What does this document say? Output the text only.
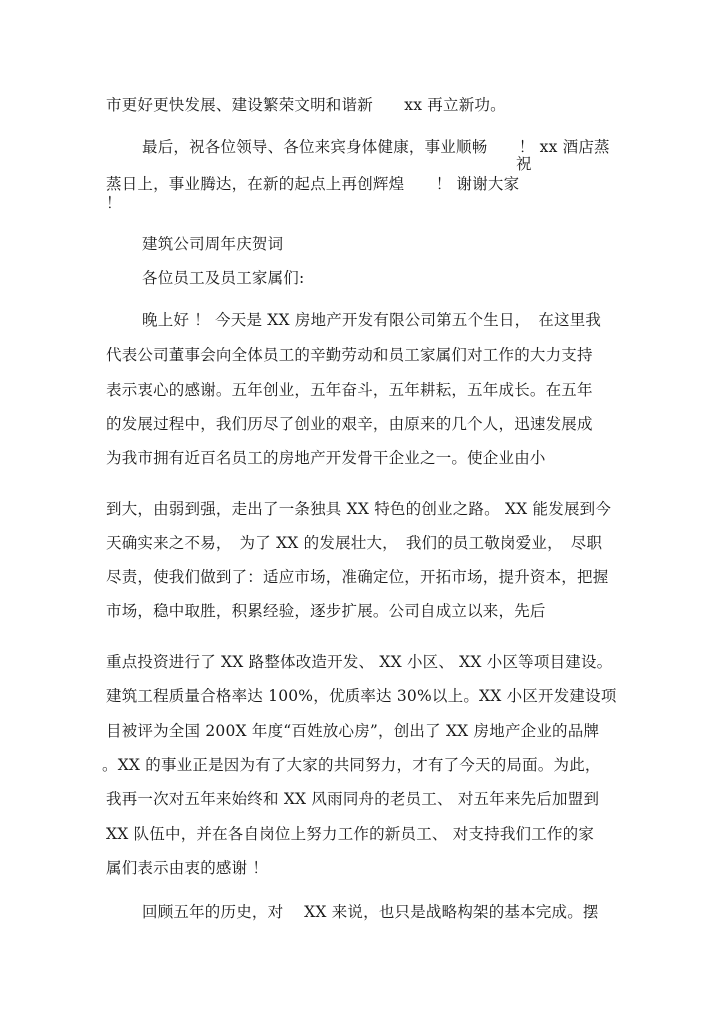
市更好更快发展、建设繁荣文明和谐新　　xx 再立新功。
最后，祝各位领导、各位来宾身体健康，事业顺畅　　！ xx 酒店蒸
祝
蒸日上，事业腾达，在新的起点上再创辉煌　　！ 谢谢大家
！
建筑公司周年庆贺词
各位员工及员工家属们:
晚上好 ！ 今天是 XX 房地产开发有限公司第五个生日，　在这里我
代表公司董事会向全体员工的辛勤劳动和员工家属们对工作的大力支持
表示衷心的感谢。五年创业，五年奋斗，五年耕耘，五年成长。在五年
的发展过程中，我们历尽了创业的艰辛，由原来的几个人，迅速发展成
为我市拥有近百名员工的房地产开发骨干企业之一。使企业由小
到大，由弱到强，走出了一条独具 XX 特色的创业之路。 XX 能发展到今
天确实来之不易，　为了 XX 的发展壮大，　我们的员工敬岗爱业，　尽职
尽责，使我们做到了：适应市场，准确定位，开拓市场，提升资本，把握
市场，稳中取胜，积累经验，逐步扩展。公司自成立以来，先后
重点投资进行了 XX 路整体改造开发、 XX 小区、 XX 小区等项目建设。
建筑工程质量合格率达 100%，优质率达 30%以上。XX 小区开发建设项
目被评为全国 200X 年度“百姓放心房”，创出了 XX 房地产企业的品牌
。XX 的事业正是因为有了大家的共同努力，才有了今天的局面。为此，
我再一次对五年来始终和 XX 风雨同舟的老员工、 对五年来先后加盟到
XX 队伍中，并在各自岗位上努力工作的新员工、 对支持我们工作的家
属们表示由衷的感谢 ！
回顾五年的历史，对　 XX 来说，也只是战略构架的基本完成。摆
